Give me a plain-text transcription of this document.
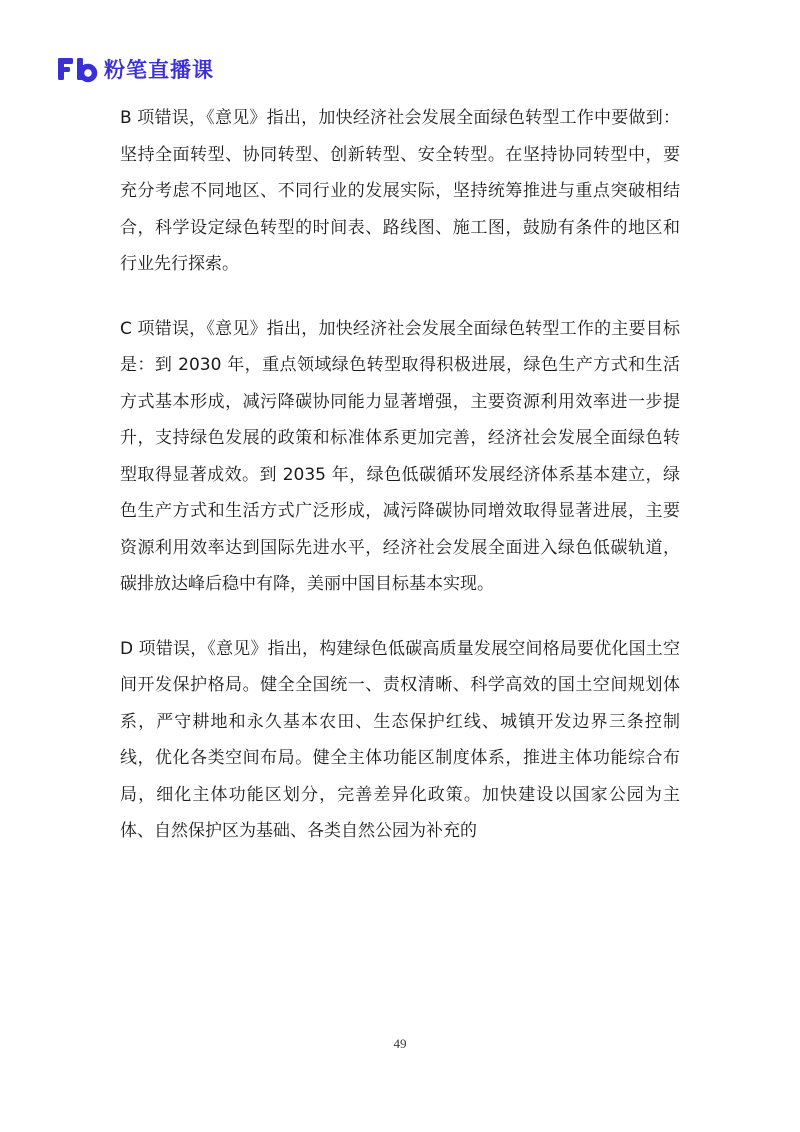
粉笔直播课

B 项错误，《意见》指出，加快经济社会发展全面绿色转型工作中要做到：坚持全面转型、协同转型、创新转型、安全转型。在坚持协同转型中，要充分考虑不同地区、不同行业的发展实际，坚持统筹推进与重点突破相结合，科学设定绿色转型的时间表、路线图、施工图，鼓励有条件的地区和行业先行探索。

C 项错误，《意见》指出，加快经济社会发展全面绿色转型工作的主要目标是：到 2030 年，重点领域绿色转型取得积极进展，绿色生产方式和生活方式基本形成，减污降碳协同能力显著增强，主要资源利用效率进一步提升，支持绿色发展的政策和标准体系更加完善，经济社会发展全面绿色转型取得显著成效。到 2035 年，绿色低碳循环发展经济体系基本建立，绿色生产方式和生活方式广泛形成，减污降碳协同增效取得显著进展，主要资源利用效率达到国际先进水平，经济社会发展全面进入绿色低碳轨道，碳排放达峰后稳中有降，美丽中国目标基本实现。

D 项错误，《意见》指出，构建绿色低碳高质量发展空间格局要优化国土空间开发保护格局。健全全国统一、责权清晰、科学高效的国土空间规划体系，严守耕地和永久基本农田、生态保护红线、城镇开发边界三条控制线，优化各类空间布局。健全主体功能区制度体系，推进主体功能综合布局，细化主体功能区划分，完善差异化政策。加快建设以国家公园为主体、自然保护区为基础、各类自然公园为补充的

49
